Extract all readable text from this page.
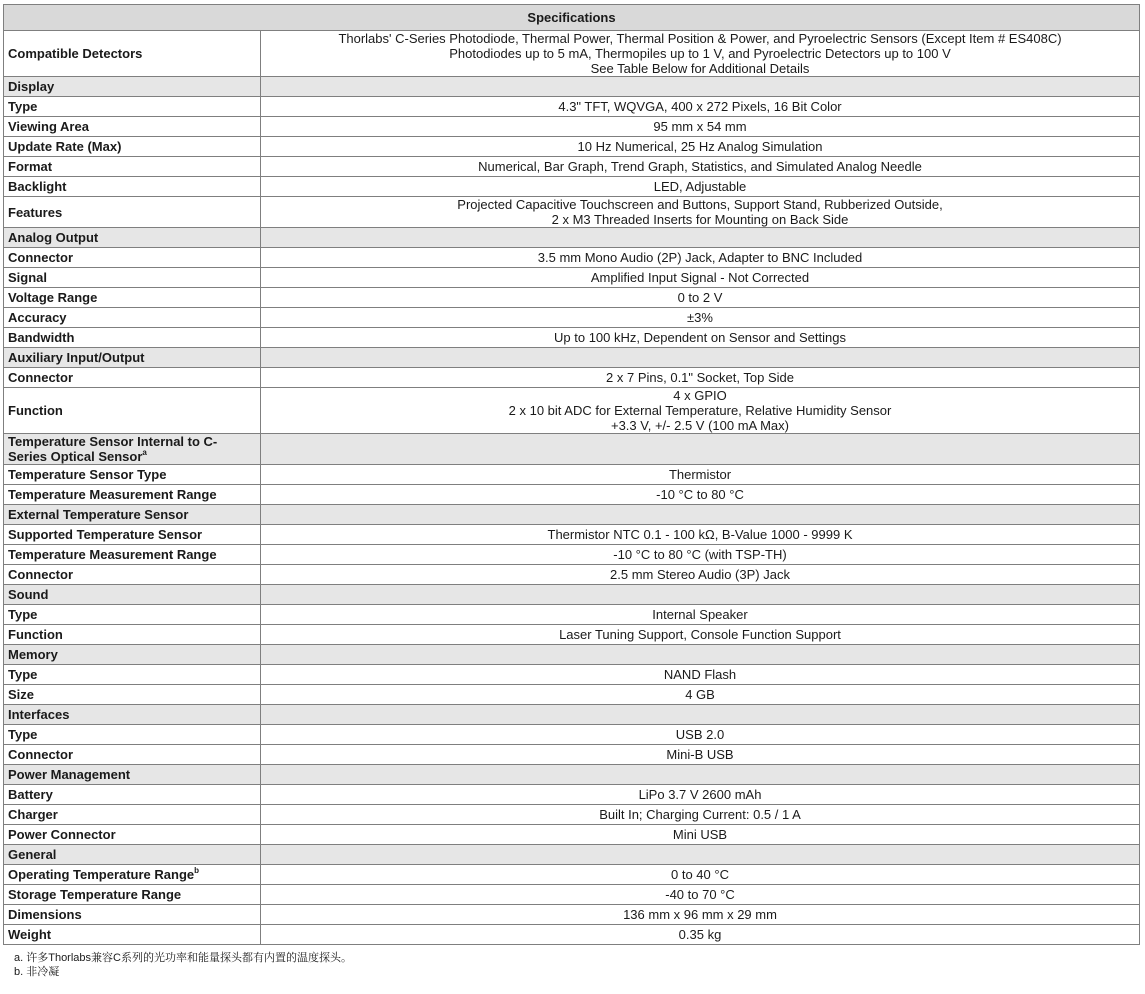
Specifications	
Compatible Detectors	Thorlabs' C-Series Photodiode, Thermal Power, Thermal Position & Power, and Pyroelectric Sensors (Except Item # ES408C)
Photodiodes up to 5 mA, Thermopiles up to 1 V, and Pyroelectric Detectors up to 100 V
See Table Below for Additional Details

Display	
Type	4.3" TFT, WQVGA, 400 x 272 Pixels, 16 Bit Color

Viewing Area	95 mm x 54 mm

Update Rate (Max)	10 Hz Numerical, 25 Hz Analog Simulation

Format	Numerical, Bar Graph, Trend Graph, Statistics, and Simulated Analog Needle

Backlight	LED, Adjustable

Features	Projected Capacitive Touchscreen and Buttons, Support Stand, Rubberized Outside,
2 x M3 Threaded Inserts for Mounting on Back Side

Analog Output	
Connector	3.5 mm Mono Audio (2P) Jack, Adapter to BNC Included

Signal	Amplified Input Signal - Not Corrected

Voltage Range	0 to 2 V

Accuracy	±3%

Bandwidth	Up to 100 kHz, Dependent on Sensor and Settings

Auxiliary Input/Output	
Connector	2 x 7 Pins, 0.1" Socket, Top Side

Function	4 x GPIO
2 x 10 bit ADC for External Temperature, Relative Humidity Sensor
+3.3 V, +/- 2.5 V (100 mA Max)

Temperature Sensor Internal to C-Series Optical Sensor$^a$	
Temperature Sensor Type	Thermistor

Temperature Measurement Range	-10 °C to 80 °C

External Temperature Sensor	
Supported Temperature Sensor	Thermistor NTC 0.1 - 100 kΩ, B-Value 1000 - 9999 K

Temperature Measurement Range	-10 °C to 80 °C (with TSP-TH)

Connector	2.5 mm Stereo Audio (3P) Jack

Sound	
Type	Internal Speaker

Function	Laser Tuning Support, Console Function Support

Memory	
Type	NAND Flash

Size	4 GB

Interfaces	
Type	USB 2.0

Connector	Mini-B USB

Power Management	
Battery	LiPo 3.7 V 2600 mAh

Charger	Built In; Charging Current: 0.5 / 1 A

Power Connector	Mini USB

General	
Operating Temperature Range$^b$	0 to 40 °C

Storage Temperature Range	-40 to 70 °C

Dimensions	136 mm x 96 mm x 29 mm

Weight	0.35 kg
a. 许多Thorlabs兼容C系列的光功率和能量探头都有内置的温度探头。
b. 非冷凝
